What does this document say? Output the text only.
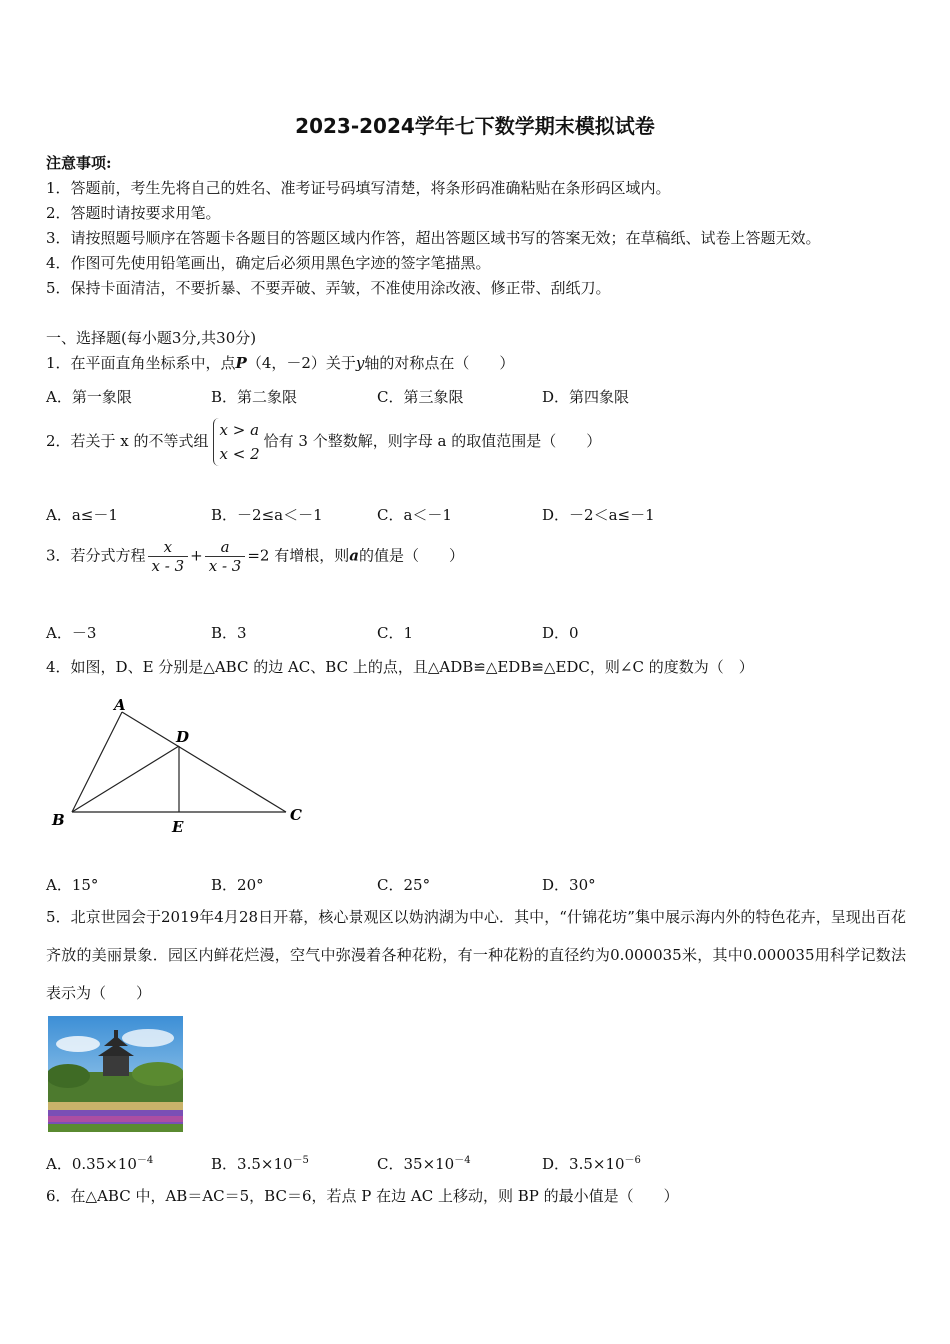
2023-2024学年七下数学期末模拟试卷
注意事项:
1．答题前，考生先将自己的姓名、准考证号码填写清楚，将条形码准确粘贴在条形码区域内。
2．答题时请按要求用笔。
3．请按照题号顺序在答题卡各题目的答题区域内作答，超出答题区域书写的答案无效；在草稿纸、试卷上答题无效。
4．作图可先使用铅笔画出，确定后必须用黑色字迹的签字笔描黑。
5．保持卡面清洁，不要折暴、不要弄破、弄皱，不准使用涂改液、修正带、刮纸刀。
一、选择题(每小题3分,共30分)
1．在平面直角坐标系中，点P（4，－2）关于y轴的对称点在（　　）
A．第一象限	B．第二象限	C．第三象限	D．第四象限
2．若关于 x 的不等式组
x > a
x < 2
恰有 3 个整数解，则字母 a 的取值范围是（　　）
A．a≤－1	B．－2≤a＜－1	C．a＜－1	D．－2＜a≤－1
3．若分式方程 $\frac{x}{x - 3} + \frac{a}{x - 3} =2$ 有增根，则a的值是（　　）
A．－3	B．3	C．1	D．0
4．如图，D、E 分别是△ABC 的边 AC、BC 上的点，且△ADB≌△EDB≌△EDC，则∠C 的度数为（　）
A
D
B	E
C
A．15°	B．20°	C．25°	D．30°
5．北京世园会于2019年4月28日开幕，核心景观区以妫汭湖为中心．其中，“什锦花坊”集中展示海内外的特色花卉，呈现出百花齐放的美丽景象．园区内鲜花烂漫，空气中弥漫着各种花粉，有一种花粉的直径约为0.000035米，其中0.000035用科学记数法表示为（　　）
A．$0.35\times 10^{-4}$	B．$3.5\times 10^{-5}$	C．$35\times 10^{-4}$	D．$3.5\times 10^{-6}$
6．在△ABC 中，AB＝AC＝5，BC＝6，若点 P 在边 AC 上移动，则 BP 的最小值是（　　）
